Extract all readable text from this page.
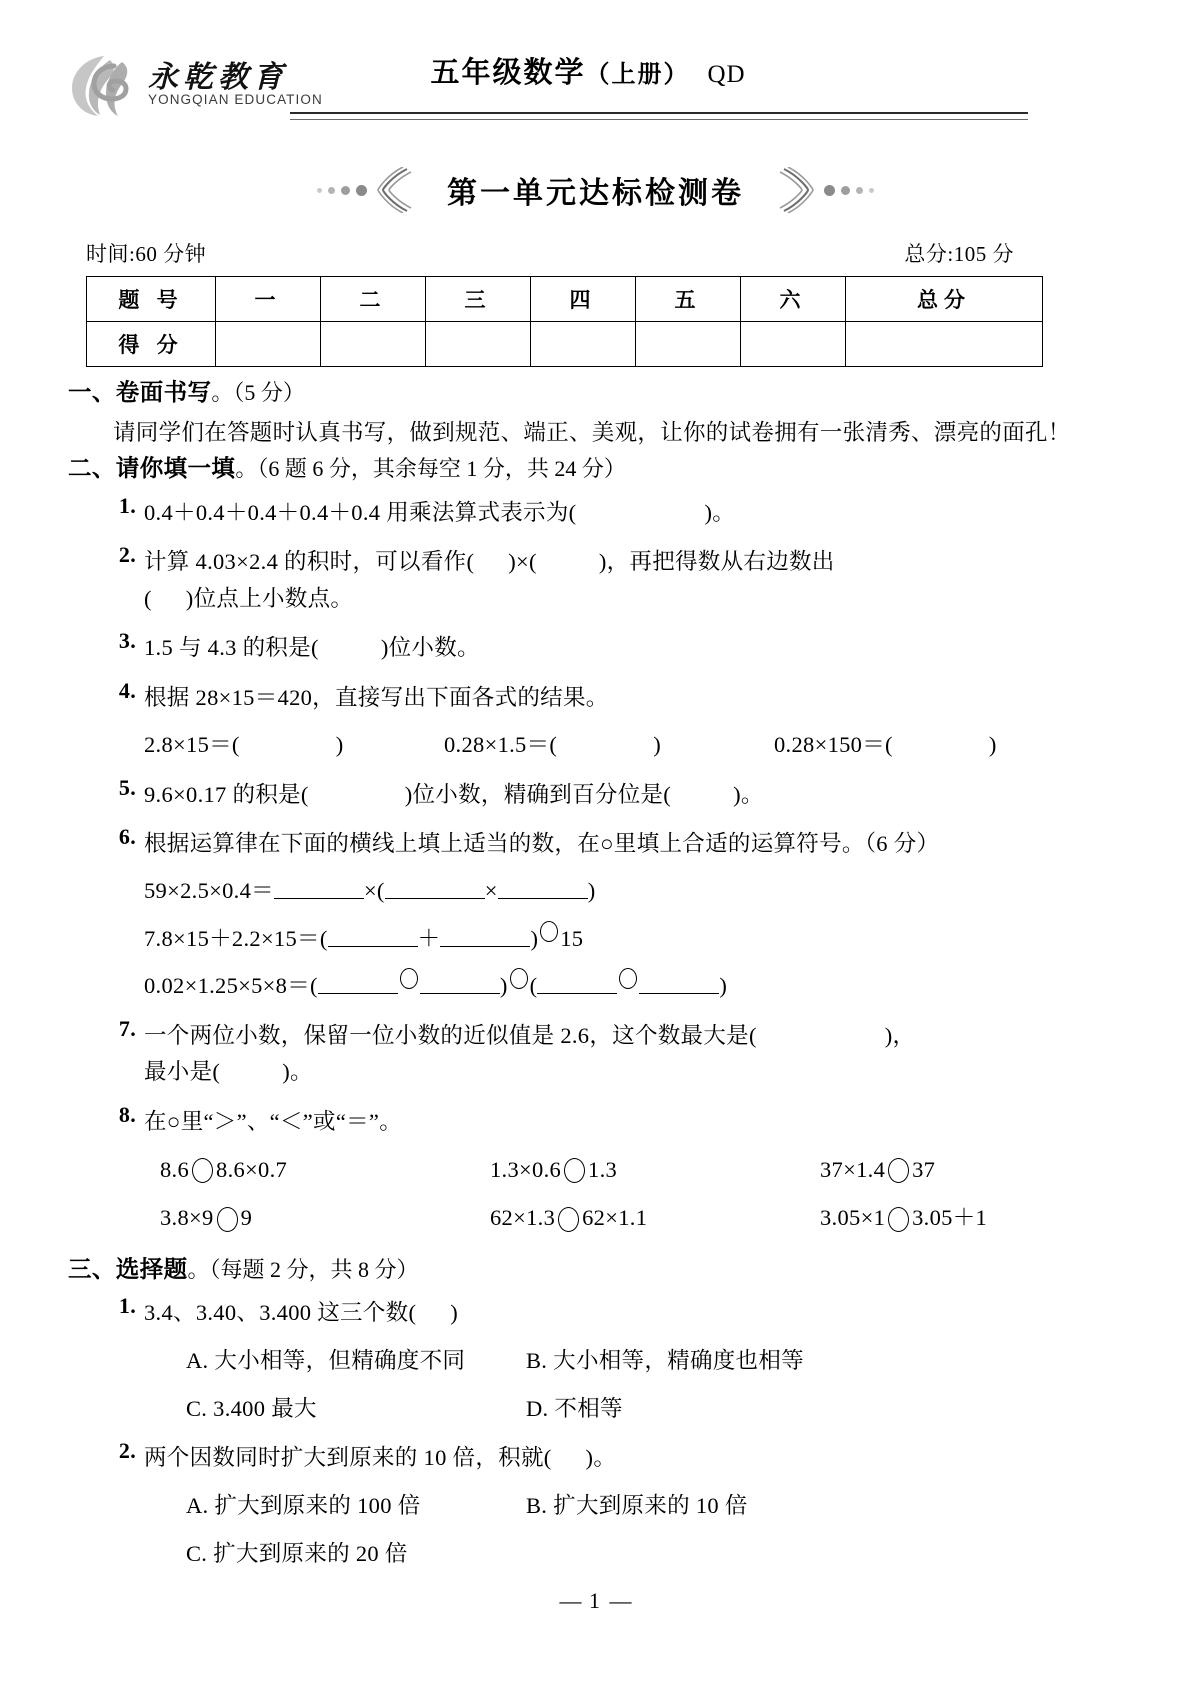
永乾教育
YONGQIAN EDUCATION
五年级数学（上册） QD
第一单元达标检测卷
时间:60 分钟	总分:105 分
题 号	一	二	三	四	五	六	总分
得 分							
一、卷面书写。（5 分）
请同学们在答题时认真书写，做到规范、端正、美观，让你的试卷拥有一张清秀、漂亮的面孔！
二、请你填一填。（6 题 6 分，其余每空 1 分，共 24 分）
1. 0.4＋0.4＋0.4＋0.4＋0.4 用乘法算式表示为(	)。
2. 计算 4.03×2.4 的积时，可以看作( )×(	)，再把得数从右边数出
( )位点上小数点。
3. 1.5 与 4.3 的积是(	)位小数。
4. 根据 28×15＝420，直接写出下面各式的结果。
2.8×15＝(	)	0.28×1.5＝(	)	0.28×150＝(	)
5. 9.6×0.17 的积是(	)位小数，精确到百分位是(	)。
6. 根据运算律在下面的横线上填上适当的数，在○里填上合适的运算符号。（6 分）
59×2.5×0.4＝	×(	×	)
7.8×15＋2.2×15＝(	＋	) 15
0.02×1.25×5×8＝(	) (	)
7. 一个两位小数，保留一位小数的近似值是 2.6，这个数最大是(	)，
最小是(	)。
8. 在○里“＞”、“＜”或“＝”。
8.6 8.6×0.7	1.3×0.6 1.3	37×1.4 37
3.8×9 9	62×1.3 62×1.1	3.05×1 3.05＋1
三、选择题。（每题 2 分，共 8 分）
1. 3.4、3.40、3.400 这三个数( )
A. 大小相等，但精确度不同	B. 大小相等，精确度也相等
C. 3.400 最大	D. 不相等
2. 两个因数同时扩大到原来的 10 倍，积就( )。
A. 扩大到原来的 100 倍	B. 扩大到原来的 10 倍
C. 扩大到原来的 20 倍
— 1 —
